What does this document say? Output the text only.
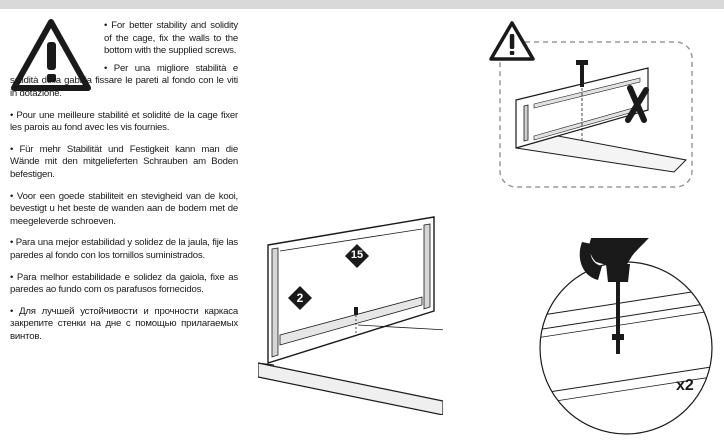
• For better stability and solidity of the cage, fix the walls to the bottom with the supplied screws.

• Per una migliore stabilità e solidità della gabbia fissare le pareti al fondo con le viti in dotazione.

• Pour une meilleure stabilité et solidité de la cage fixer les parois au fond avec les vis fournies.

• Für mehr Stabilität und Festigkeit kann man die Wände mit den mitgelieferten Schrauben am Boden befestigen.

• Voor een goede stabiliteit en stevigheid van de kooi, bevestigt u het beste de wanden aan de bodem met de meegeleverde schroeven.

• Para una mejor estabilidad y solidez de la jaula, fije las paredes al fondo con los tornillos suministrados.

• Para melhor estabilidade e solidez da gaiola, fixe as paredes ao fundo com os parafusos fornecidos.

• Для лучшей устойчивости и прочности каркаса закрепите стенки на дне с помощью прилагаемых винтов.

2
15
x2
